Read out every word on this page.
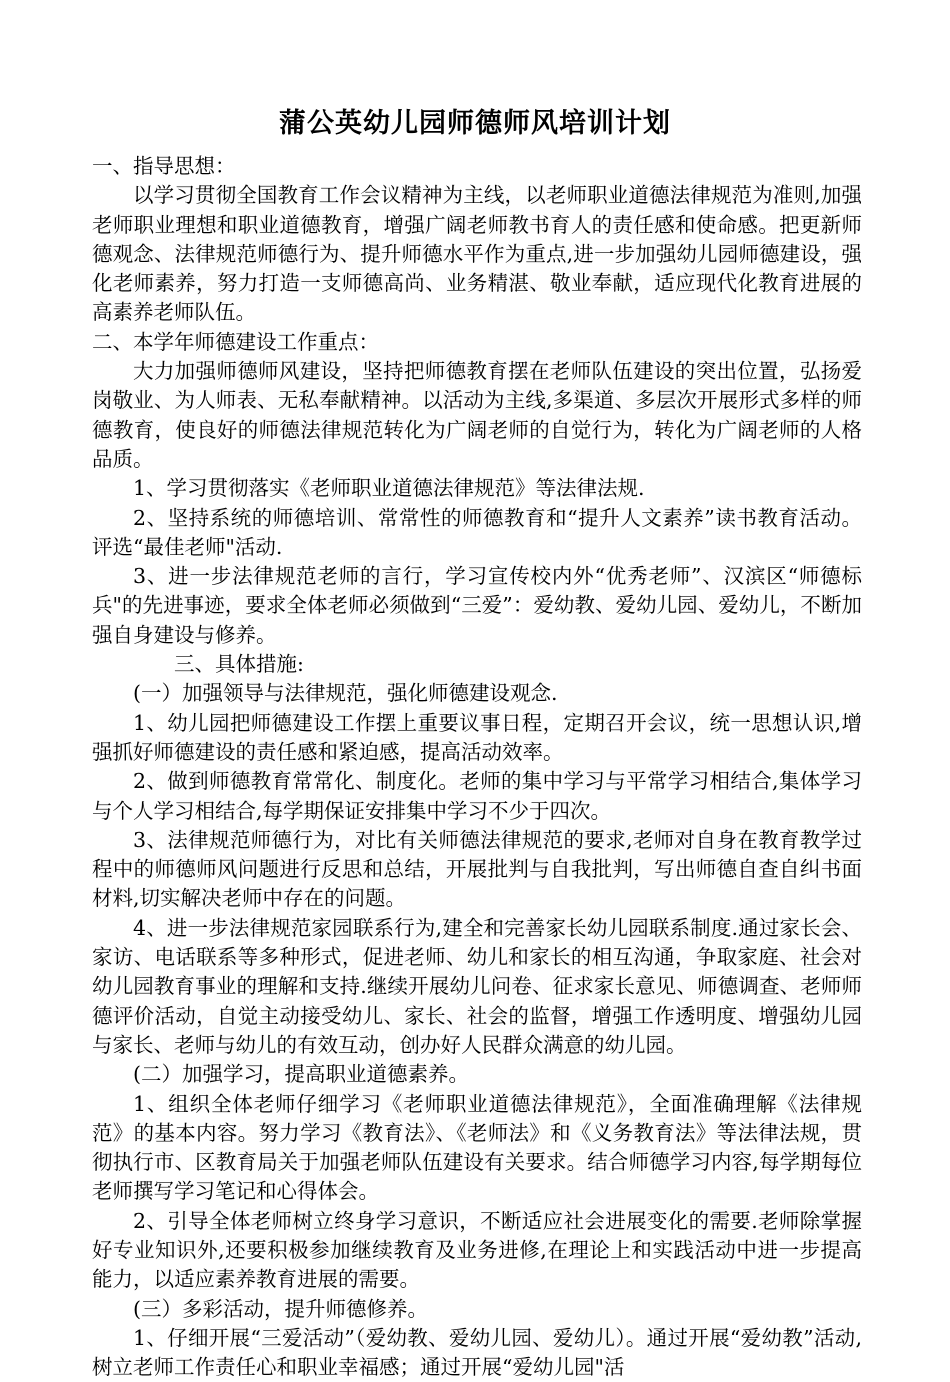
蒲公英幼儿园师德师风培训计划

一、指导思想：

以学习贯彻全国教育工作会议精神为主线，以老师职业道德法律规范为准则,加强老师职业理想和职业道德教育，增强广阔老师教书育人的责任感和使命感。把更新师德观念、法律规范师德行为、提升师德水平作为重点,进一步加强幼儿园师德建设，强化老师素养，努力打造一支师德高尚、业务精湛、敬业奉献，适应现代化教育进展的高素养老师队伍。

二、本学年师德建设工作重点：

大力加强师德师风建设，坚持把师德教育摆在老师队伍建设的突出位置，弘扬爱岗敬业、为人师表、无私奉献精神。以活动为主线,多渠道、多层次开展形式多样的师德教育，使良好的师德法律规范转化为广阔老师的自觉行为，转化为广阔老师的人格品质。

1、学习贯彻落实《老师职业道德法律规范》等法律法规.

2、坚持系统的师德培训、常常性的师德教育和“提升人文素养”读书教育活动。评选“最佳老师"活动.

3、进一步法律规范老师的言行，学习宣传校内外“优秀老师”、汉滨区“师德标兵"的先进事迹，要求全体老师必须做到“三爱”：爱幼教、爱幼儿园、爱幼儿，不断加强自身建设与修养。

三、具体措施:

(一）加强领导与法律规范，强化师德建设观念.

1、幼儿园把师德建设工作摆上重要议事日程，定期召开会议，统一思想认识,增强抓好师德建设的责任感和紧迫感，提高活动效率。

2、做到师德教育常常化、制度化。老师的集中学习与平常学习相结合,集体学习与个人学习相结合,每学期保证安排集中学习不少于四次。

3、法律规范师德行为，对比有关师德法律规范的要求,老师对自身在教育教学过程中的师德师风问题进行反思和总结，开展批判与自我批判，写出师德自查自纠书面材料,切实解决老师中存在的问题。

4、进一步法律规范家园联系行为,建全和完善家长幼儿园联系制度.通过家长会、家访、电话联系等多种形式，促进老师、幼儿和家长的相互沟通，争取家庭、社会对幼儿园教育事业的理解和支持.继续开展幼儿问卷、征求家长意见、师德调查、老师师德评价活动，自觉主动接受幼儿、家长、社会的监督，增强工作透明度、增强幼儿园与家长、老师与幼儿的有效互动，创办好人民群众满意的幼儿园。

(二）加强学习，提高职业道德素养。

1、组织全体老师仔细学习《老师职业道德法律规范》，全面准确理解《法律规范》的基本内容。努力学习《教育法》、《老师法》和《义务教育法》等法律法规，贯彻执行市、区教育局关于加强老师队伍建设有关要求。结合师德学习内容,每学期每位老师撰写学习笔记和心得体会。

2、引导全体老师树立终身学习意识，不断适应社会进展变化的需要.老师除掌握好专业知识外,还要积极参加继续教育及业务进修,在理论上和实践活动中进一步提高能力，以适应素养教育进展的需要。

(三）多彩活动，提升师德修养。

1、仔细开展“三爱活动”（爱幼教、爱幼儿园、爱幼儿）。通过开展“爱幼教”活动,树立老师工作责任心和职业幸福感；通过开展“爱幼儿园"活
